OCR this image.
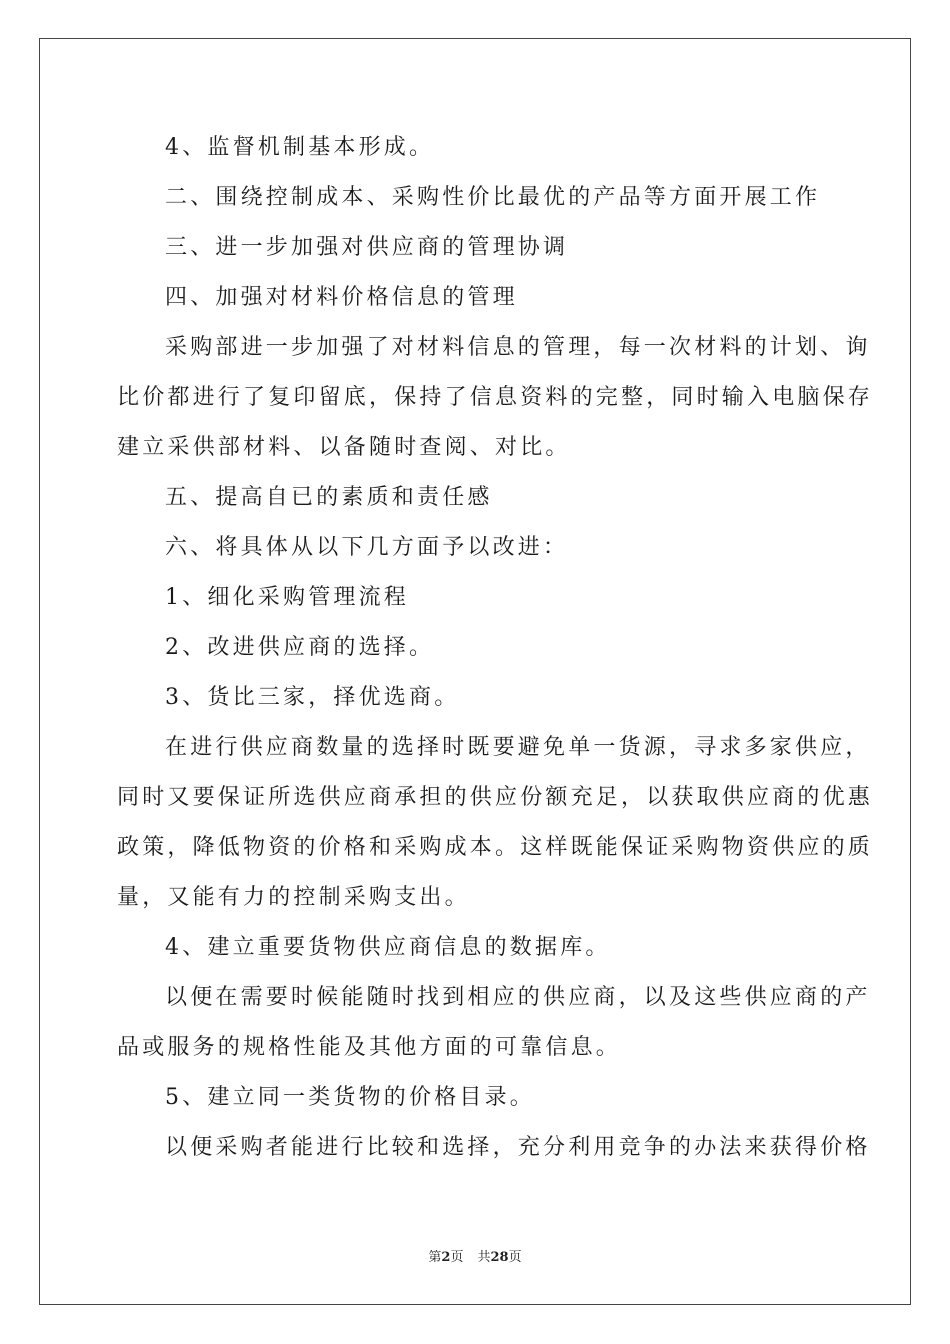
4、监督机制基本形成。
二、围绕控制成本、采购性价比最优的产品等方面开展工作
三、进一步加强对供应商的管理协调
四、加强对材料价格信息的管理
采购部进一步加强了对材料信息的管理，每一次材料的计划、询
比价都进行了复印留底，保持了信息资料的完整，同时输入电脑保存
建立采供部材料、以备随时查阅、对比。
五、提高自已的素质和责任感
六、将具体从以下几方面予以改进：
1、细化采购管理流程
2、改进供应商的选择。
3、货比三家，择优选商。
在进行供应商数量的选择时既要避免单一货源，寻求多家供应，
同时又要保证所选供应商承担的供应份额充足，以获取供应商的优惠
政策，降低物资的价格和采购成本。这样既能保证采购物资供应的质
量，又能有力的控制采购支出。
4、建立重要货物供应商信息的数据库。
以便在需要时候能随时找到相应的供应商，以及这些供应商的产
品或服务的规格性能及其他方面的可靠信息。
5、建立同一类货物的价格目录。
以便采购者能进行比较和选择，充分利用竞争的办法来获得价格
第2页 共28页
